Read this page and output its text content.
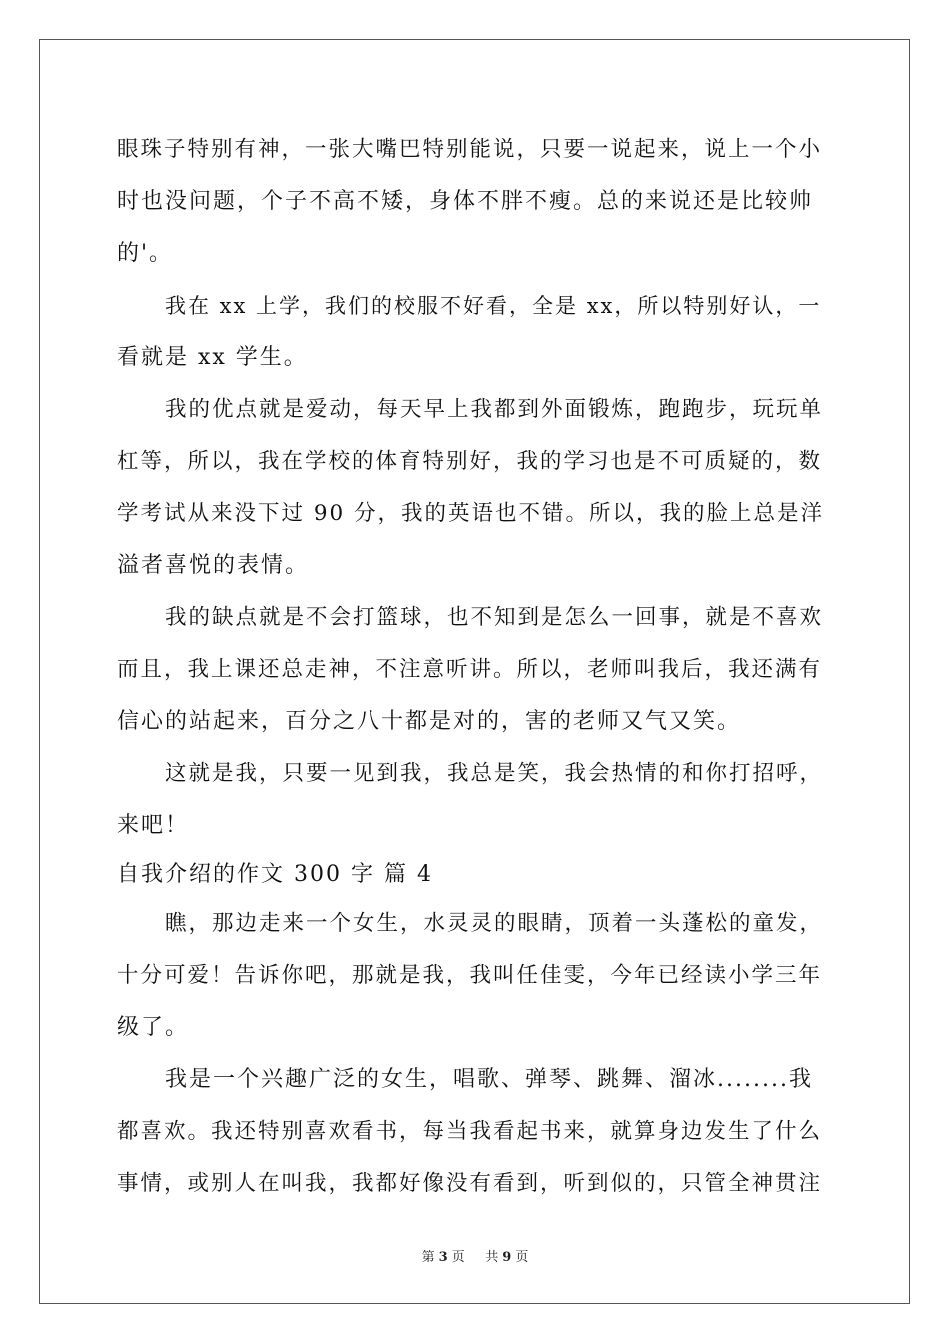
眼珠子特别有神，一张大嘴巴特别能说，只要一说起来，说上一个小
时也没问题，个子不高不矮，身体不胖不瘦。总的来说还是比较帅
的'。
我在 xx 上学，我们的校服不好看，全是 xx，所以特别好认，一
看就是 xx 学生。
我的优点就是爱动，每天早上我都到外面锻炼，跑跑步，玩玩单
杠等，所以，我在学校的体育特别好，我的学习也是不可质疑的，数
学考试从来没下过 90 分，我的英语也不错。所以，我的脸上总是洋
溢者喜悦的表情。
我的缺点就是不会打篮球，也不知到是怎么一回事，就是不喜欢
而且，我上课还总走神，不注意听讲。所以，老师叫我后，我还满有
信心的站起来，百分之八十都是对的，害的老师又气又笑。
这就是我，只要一见到我，我总是笑，我会热情的和你打招呼，
来吧！
自我介绍的作文 300 字 篇 4
瞧，那边走来一个女生，水灵灵的眼睛，顶着一头蓬松的童发，
十分可爱！告诉你吧，那就是我，我叫任佳雯，今年已经读小学三年
级了。
我是一个兴趣广泛的女生，唱歌、弹琴、跳舞、溜冰........我
都喜欢。我还特别喜欢看书，每当我看起书来，就算身边发生了什么
事情，或别人在叫我，我都好像没有看到，听到似的，只管全神贯注
第 3 页 共 9 页
